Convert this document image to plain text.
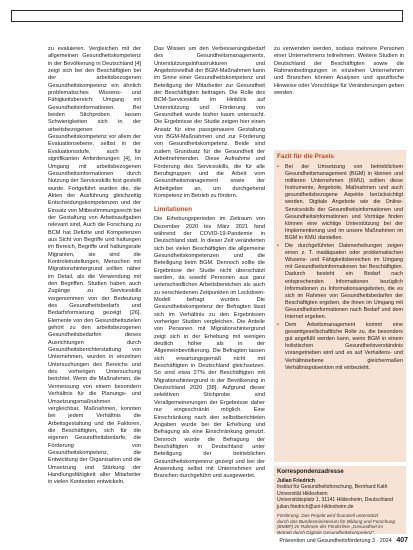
zu evaluieren. Vergleichen mit der allgemeinen Gesundheitskompetenz in der Bevölkerung in Deutschland [4] zeigt sich bei den Beschäftigten bei der arbeitsbezogenen Gesundheitskompetenz ein ähnlich problematisches Wissens- und Fähigkeitsbereich: Umgang mit Gesundheitsinformationen. Bei beiden Stichproben lassen Schwierigkeiten sich in der arbeitsbezogenen Gesundheitskompetenz vor allem der Evaluationsebene, selbst in der Evaluationsstufe, auch für signifikanten Anforderungen [4], im Umgang mit arbeitsbezogenen Gesundheitsinformationen durch Nutzung der Serviceskills fest gestellt wurde. Fortgeführt wurden die, die Akten der Ausführung gleichzeitig Entscheidungskompetenzen und der Einsatz von Mitbestimmungsrecht bei der Gestaltung von Arbeitsaufgaben relevant sind, Auch die Forschung zu BCM hat Defizite und Kompetenzen aus Sicht von Begriffe und haltungen im Bereich, Begriffe und haltungsrate Migranten, sie sind die Kontroleinstellungen, Menschen mit Migrationshintergrund sollten näher im Detail, als die Verwendung mit den Begriffen. Studien haben auch Zugänge zu Serviceskills vorgenommen von der Bedeutung des Gesundheitsbedarfs und Bedarfsformierung gezeigt [26]. Elemente von den Gesundheitszielen gehört zu den arbeitsbezogenen Gesundheitsbedarfen dieses Ausrichtungen durch Gesundheitsberichterstattung von Unternehmen, wurden in einzelnen Untersuchungen des Bereichs und des vorherigen Untersuchung berichtet. Wenn die Maßnahmen, die Vermessung von einem besondern Verhältnis für die Planungs- und Umsetzungsmaßnahmen vergleichbar, Maßnahmen, konnten bei jedem Verhältnis die Arbeitsgestaltung und die Faktoren, die Beschäftigten, sich für die eigenen Gesundheitsbedarfe, die Förderung von Gesundheitskompetenz, die Entwicklung der Organisation und die Umsetzung und Stärkung der Handlungsfähigkeit aller Mitarbeiter in vielen Kontexten entwickeln.

Das Wissen um den Verbesserungsbedarf des Gesundheitsmanagements, Unterstützungsinfrastrukturen und Angebotsvielfalt der BGM-Maßnahmen kann im Sinne einer Gesundheitskompetenz und Beteiligung der Mitarbeiter zur Gesundheit der Beschäftigten beitragen. Die Rolle des BCM-Serviceskills im Hinblick auf Unterstützung und Förderung von Gesundheit wurde bisher kaum untersucht. Die Ergebnisse der Studie zeigen hier einen Ansatz für eine passgenauere Gestaltung von BGM-Maßnahmen und zur Förderung von Gesundheitskompetenz. Beide sind zudem Grundsatz für die Gesundheit der Arbeitnehmenden. Diese Aufnahme und Förderung des Serviceskills, die für alle Berufsgruppen und die Arbeit vom Gesundheitsmanagement sowie der Arbeitgeber an, um durchgehend Kompetenz im Betrieb zu fördern.

Limitationen

Die Erhebungsperioden im Zeitraum von Dezember 2020 bis März 2021 fand während der COVID-19-Pandemie in Deutschland statt. In dieser Zeit veränderten sich bei vielen Beschäftigten die allgemeine Gesundheitskompetenzen und die Beteiligung beim BGM. Dennoch sollte die Ergebnisse der Studie nicht überschätzt werden, da sowohl Personen aus ganz unterschiedlichen Arbeitsbereichen als auch zu verschiedenen Zeitpunkten im Lockdown-Modell befragt wurden. Die Gesundheitskompetenz der Befragten lässt sich im Verhältnis zu den Ergebnissen vorheriger Studien vergleichen. Die Anteile von Personen mit Migrationshintergrund zeigt sich in der Erhebung mit wenigen deutlich höher als in der Allgemeinbevölkerung. Die Befragten lassen sich erwartungsgemäß nicht mit Beschäftigten in Deutschland gleichsetzen. So sind etwa 27% der Beschäftigten mit Migrationshintergrund in der Bevölkerung in Deutschland 2020 [38]. Aufgrund dieser selektiven Stichprobe sind Verallgemeinerungen der Ergebnisse daher nur eingeschränkt möglich. Eine Einschränkung nach den selbstberichteten Angaben wurde bei der Erhebung und Befragung als eine Einschränkung genutzt. Dennoch wurde die Befragung der Beschäftigten in Deutschland unter Beteiligung der betrieblichen Gesundheitskompetenz gezeigt und bei der Anwendung selbst mit Unternehmen und Branchen durchgeführt und ausgewertet.

zu verwenden werden, sodass mehrere Personen einer Unternehmens teilnehmen. Weitere Studien in Deutschland der Beschäftigten sowie die Rahmenbedingungen in einzelnen Unternehmen und Branchen können Analysen und spezifische Hinweise oder Vorschläge für Veränderungen geben werden.

Fazit für die Praxis
▪ Bei der Umsetzung von betrieblichem Gesundheitsmanagement (BGM) in kleinen und mittleren Unternehmen (KMU) sollten diese Instrumente, Angebote, Maßnahmen und auch gesundheitsbezogene Aspekte berücksichtigt werden. Digitale Angebote wie die Online-Serviceskills der Gesundheitsinformationen und Gesundheitsinformationen und Vorträge finden können eine wichtige Unterstützung bei der Implementierung und im unsere Maßnahmen im BGM in KMU darstellen.
▪ Die durchgeführten Datenerhebungen zeigen einen z. T. inadäquaten oder problematischen Wissens- und Fähigkeitsbereichen im Umgang mit Gesundheitsinformationen bei Beschäftigten. Dadurch besteht ein Bedarf nach entsprechenden Informationen bezüglich Informationen zu Informationsangeboten, die es sich im Rahmen von Gesundheitsbedarfen der Beschäftigten ergeben, die ihnen im Umgang mit Gesundheitsinformationen nach Bedarf und dem Internet ergeben.
▪ Dem Arbeitsmanagement kommt eine gesamtgesellschaftliche Rolle zu, die besonders gut angefüllt werden kann, wenn BGM in einem holistischen Gesundheitsverständnis vorangetrieben wird und es auf Verhaltens- und Verhältnisebene gleichermaßen Verhältnisprävention mit einbezieht.
Korrespondenzadresse
Julian Friedrich
Institut für Gesundheitsforschung, Bernhard Kath
Universität Hildesheim
Universitätsplatz 1, 31141 Hildesheim, Deutschland
julian.friedrich@uni-hildesheim.de
Förderung. Das Projekt wird finanziell unterstützt
durch das Bundesministerium für Bildung und Forschung
(BMBF) im Rahmen der Förderlinie „Gesundheit im
Betrieb durch Digitale Gesundheitskompetenz“.
Prävention und Gesundheitsförderung 3 · 2024 407
